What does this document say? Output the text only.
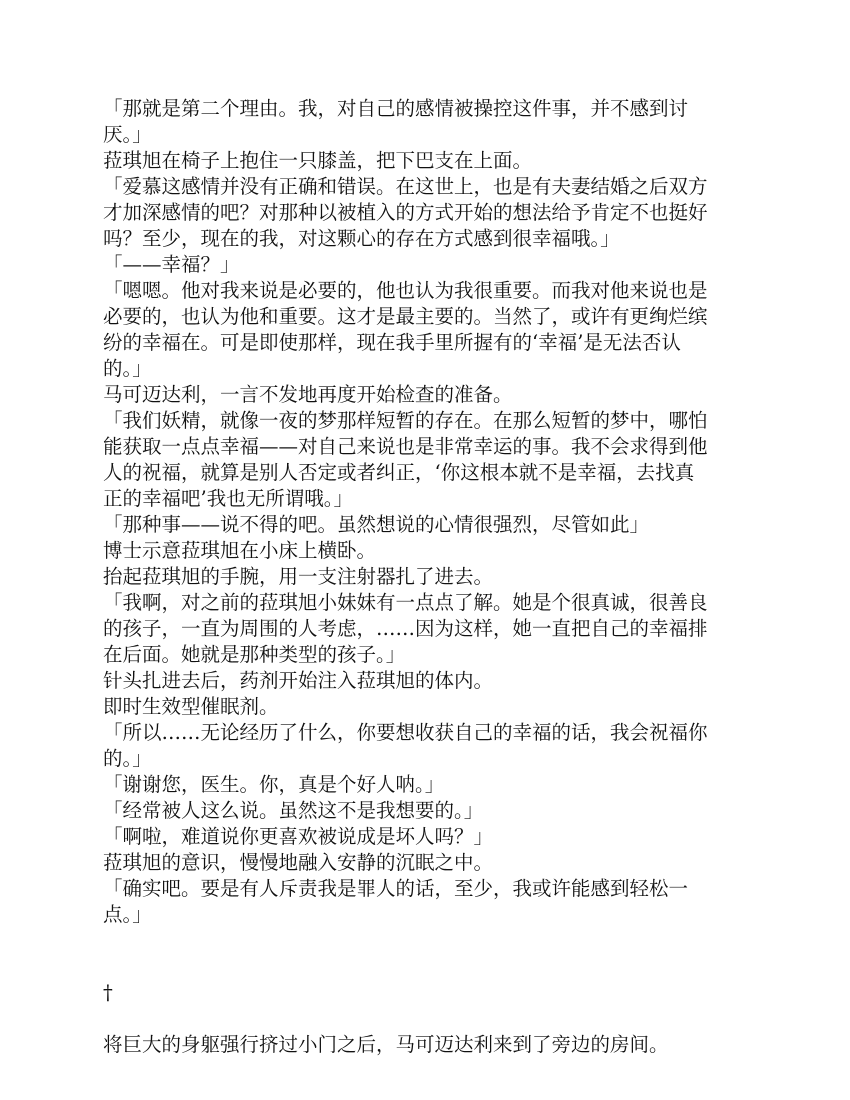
「那就是第二个理由。我，对自己的感情被操控这件事，并不感到讨
厌。」
菈琪旭在椅子上抱住一只膝盖，把下巴支在上面。
「爱慕这感情并没有正确和错误。在这世上，也是有夫妻结婚之后双方
才加深感情的吧？对那种以被植入的方式开始的想法给予肯定不也挺好
吗？至少，现在的我，对这颗心的存在方式感到很幸福哦。」
「——幸福？」
「嗯嗯。他对我来说是必要的，他也认为我很重要。而我对他来说也是
必要的，也认为他和重要。这才是最主要的。当然了，或许有更绚烂缤
纷的幸福在。可是即使那样，现在我手里所握有的‘幸福’是无法否认
的。」
马可迈达利，一言不发地再度开始检查的准备。
「我们妖精，就像一夜的梦那样短暂的存在。在那么短暂的梦中，哪怕
能获取一点点幸福——对自己来说也是非常幸运的事。我不会求得到他
人的祝福，就算是别人否定或者纠正，‘你这根本就不是幸福，去找真
正的幸福吧’我也无所谓哦。」
「那种事——说不得的吧。虽然想说的心情很强烈，尽管如此」
博士示意菈琪旭在小床上横卧。
抬起菈琪旭的手腕，用一支注射器扎了进去。
「我啊，对之前的菈琪旭小妹妹有一点点了解。她是个很真诚，很善良
的孩子，一直为周围的人考虑，……因为这样，她一直把自己的幸福排
在后面。她就是那种类型的孩子。」
针头扎进去后，药剂开始注入菈琪旭的体内。
即时生效型催眠剂。
「所以……无论经历了什么，你要想收获自己的幸福的话，我会祝福你
的。」
「谢谢您，医生。你，真是个好人呐。」
「经常被人这么说。虽然这不是我想要的。」
「啊啦，难道说你更喜欢被说成是坏人吗？」
菈琪旭的意识，慢慢地融入安静的沉眠之中。
「确实吧。要是有人斥责我是罪人的话，至少，我或许能感到轻松一
点。」
†
将巨大的身躯强行挤过小门之后，马可迈达利来到了旁边的房间。
